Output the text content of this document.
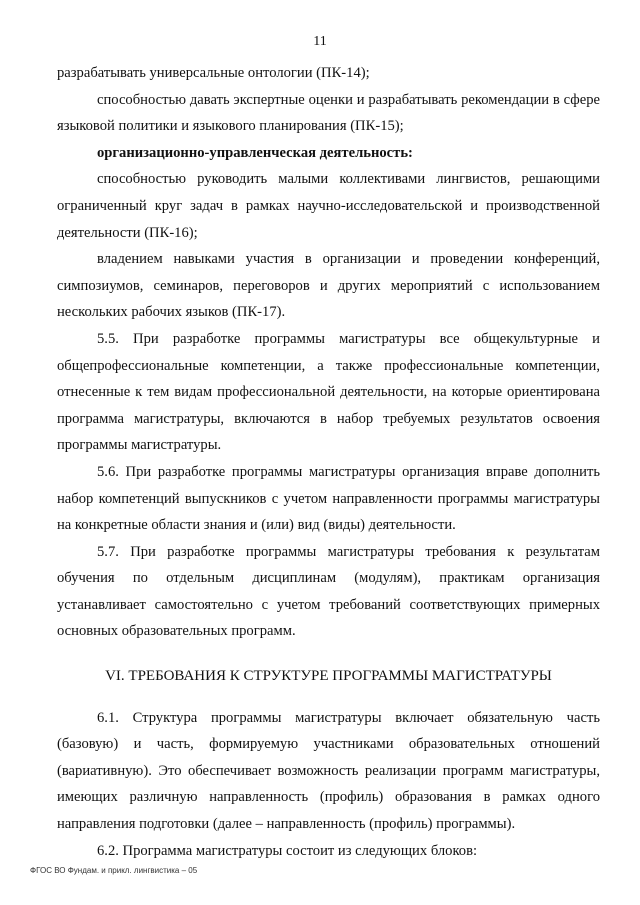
11

разрабатывать универсальные онтологии (ПК-14);

способностью давать экспертные оценки и разрабатывать рекомендации в сфере языковой политики и языкового планирования (ПК-15);

организационно-управленческая деятельность:

способностью руководить малыми коллективами лингвистов, решающими ограниченный круг задач в рамках научно-исследовательской и производственной деятельности (ПК-16);

владением навыками участия в организации и проведении конференций, симпозиумов, семинаров, переговоров и других мероприятий с использованием нескольких рабочих языков (ПК-17).

5.5. При разработке программы магистратуры все общекультурные и общепрофессиональные компетенции, а также профессиональные компетенции, отнесенные к тем видам профессиональной деятельности, на которые ориентирована программа магистратуры, включаются в набор требуемых результатов освоения программы магистратуры.

5.6. При разработке программы магистратуры организация вправе дополнить набор компетенций выпускников с учетом направленности программы магистратуры на конкретные области знания и (или) вид (виды) деятельности.

5.7. При разработке программы магистратуры требования к результатам обучения по отдельным дисциплинам (модулям), практикам организация устанавливает самостоятельно с учетом требований соответствующих примерных основных образовательных программ.

VI. ТРЕБОВАНИЯ К СТРУКТУРЕ ПРОГРАММЫ МАГИСТРАТУРЫ

6.1. Структура программы магистратуры включает обязательную часть (базовую) и часть, формируемую участниками образовательных отношений (вариативную). Это обеспечивает возможность реализации программ магистратуры, имеющих различную направленность (профиль) образования в рамках одного направления подготовки (далее – направленность (профиль) программы).

6.2. Программа магистратуры состоит из следующих блоков:

ФГОС ВО Фундам. и прикл. лингвистика – 05
